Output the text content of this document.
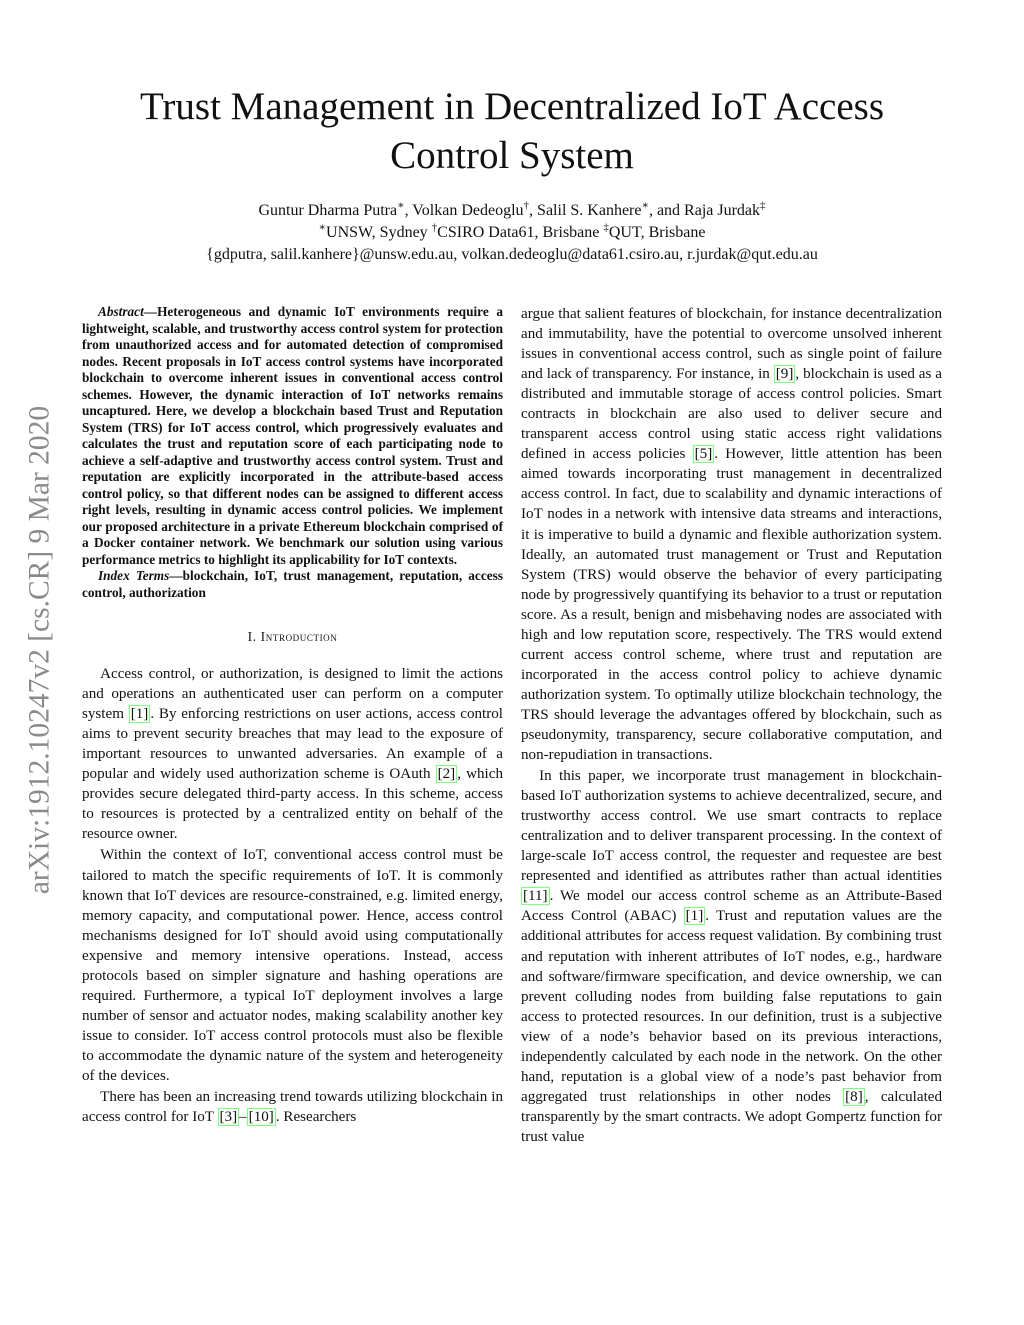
arXiv:1912.10247v2 [cs.CR] 9 Mar 2020
Trust Management in Decentralized IoT Access Control System
Guntur Dharma Putra∗, Volkan Dedeoglu†, Salil S. Kanhere∗, and Raja Jurdak‡
∗UNSW, Sydney †CSIRO Data61, Brisbane ‡QUT, Brisbane
{gdputra, salil.kanhere}@unsw.edu.au, volkan.dedeoglu@data61.csiro.au, r.jurdak@qut.edu.au

Abstract—Heterogeneous and dynamic IoT environments require a lightweight, scalable, and trustworthy access control system for protection from unauthorized access and for automated detection of compromised nodes. Recent proposals in IoT access control systems have incorporated blockchain to overcome inherent issues in conventional access control schemes. However, the dynamic interaction of IoT networks remains uncaptured. Here, we develop a blockchain based Trust and Reputation System (TRS) for IoT access control, which progressively evaluates and calculates the trust and reputation score of each participating node to achieve a self-adaptive and trustworthy access control system. Trust and reputation are explicitly incorporated in the attribute-based access control policy, so that different nodes can be assigned to different access right levels, resulting in dynamic access control policies. We implement our proposed architecture in a private Ethereum blockchain comprised of a Docker container network. We benchmark our solution using various performance metrics to highlight its applicability for IoT contexts.

Index Terms—blockchain, IoT, trust management, reputation, access control, authorization

I. Introduction

Access control, or authorization, is designed to limit the actions and operations an authenticated user can perform on a computer system [1] . By enforcing restrictions on user actions, access control aims to prevent security breaches that may lead to the exposure of important resources to unwanted adversaries. An example of a popular and widely used authorization scheme is OAuth [2] , which provides secure delegated third-party access. In this scheme, access to resources is protected by a centralized entity on behalf of the resource owner.

Within the context of IoT, conventional access control must be tailored to match the specific requirements of IoT. It is commonly known that IoT devices are resource-constrained, e.g. limited energy, memory capacity, and computational power. Hence, access control mechanisms designed for IoT should avoid using computationally expensive and memory intensive operations. Instead, access protocols based on simpler signature and hashing operations are required. Furthermore, a typical IoT deployment involves a large number of sensor and actuator nodes, making scalability another key issue to consider. IoT access control protocols must also be flexible to accommodate the dynamic nature of the system and heterogeneity of the devices.

There has been an increasing trend towards utilizing blockchain in access control for IoT [3] – [10] . Researchers

argue that salient features of blockchain, for instance decentralization and immutability, have the potential to overcome unsolved inherent issues in conventional access control, such as single point of failure and lack of transparency. For instance, in [9] , blockchain is used as a distributed and immutable storage of access control policies. Smart contracts in blockchain are also used to deliver secure and transparent access control using static access right validations defined in access policies [5] . However, little attention has been aimed towards incorporating trust management in decentralized access control. In fact, due to scalability and dynamic interactions of IoT nodes in a network with intensive data streams and interactions, it is imperative to build a dynamic and flexible authorization system. Ideally, an automated trust management or Trust and Reputation System (TRS) would observe the behavior of every participating node by progressively quantifying its behavior to a trust or reputation score. As a result, benign and misbehaving nodes are associated with high and low reputation score, respectively. The TRS would extend current access control scheme, where trust and reputation are incorporated in the access control policy to achieve dynamic authorization system. To optimally utilize blockchain technology, the TRS should leverage the advantages offered by blockchain, such as pseudonymity, transparency, secure collaborative computation, and non-repudiation in transactions.

In this paper, we incorporate trust management in blockchain-based IoT authorization systems to achieve decentralized, secure, and trustworthy access control. We use smart contracts to replace centralization and to deliver transparent processing. In the context of large-scale IoT access control, the requester and requestee are best represented and identified as attributes rather than actual identities [11] . We model our access control scheme as an Attribute-Based Access Control (ABAC) [1] . Trust and reputation values are the additional attributes for access request validation. By combining trust and reputation with inherent attributes of IoT nodes, e.g., hardware and software/firmware specification, and device ownership, we can prevent colluding nodes from building false reputations to gain access to protected resources. In our definition, trust is a subjective view of a node’s behavior based on its previous interactions, independently calculated by each node in the network. On the other hand, reputation is a global view of a node’s past behavior from aggregated trust relationships in other nodes [8] , calculated transparently by the smart contracts. We adopt Gompertz function for trust value
